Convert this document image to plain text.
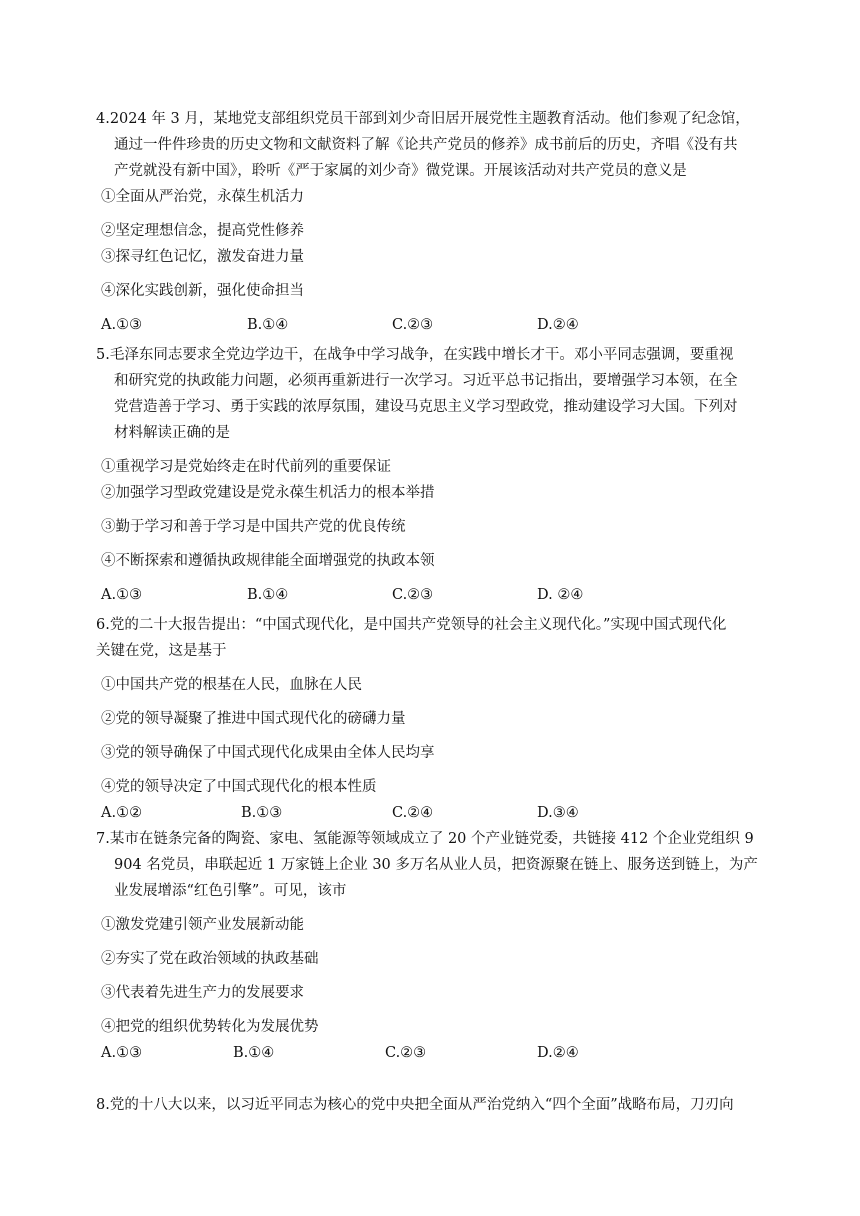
4.2024 年 3 月，某地党支部组织党员干部到刘少奇旧居开展党性主题教育活动。他们参观了纪念馆，
通过一件件珍贵的历史文物和文献资料了解《论共产党员的修养》成书前后的历史，齐唱《没有共
产党就没有新中国》，聆听《严于家属的刘少奇》微党课。开展该活动对共产党员的意义是
①全面从严治党，永葆生机活力
②坚定理想信念，提高党性修养
③探寻红色记忆，激发奋进力量
④深化实践创新，强化使命担当
A.①③	B.①④	C.②③	D.②④
5.毛泽东同志要求全党边学边干，在战争中学习战争，在实践中增长才干。邓小平同志强调，要重视
和研究党的执政能力问题，必须再重新进行一次学习。习近平总书记指出，要增强学习本领，在全
党营造善于学习、勇于实践的浓厚氛围，建设马克思主义学习型政党，推动建设学习大国。下列对
材料解读正确的是
①重视学习是党始终走在时代前列的重要保证
②加强学习型政党建设是党永葆生机活力的根本举措
③勤于学习和善于学习是中国共产党的优良传统
④不断探索和遵循执政规律能全面增强党的执政本领
A.①③	B.①④	C.②③	D. ②④
6.党的二十大报告提出：“中国式现代化，是中国共产党领导的社会主义现代化。”实现中国式现代化
关键在党，这是基于
①中国共产党的根基在人民，血脉在人民
②党的领导凝聚了推进中国式现代化的磅礴力量
③党的领导确保了中国式现代化成果由全体人民均享
④党的领导决定了中国式现代化的根本性质
A.①②	B.①③	C.②④	D.③④
7.某市在链条完备的陶瓷、家电、氢能源等领域成立了 20 个产业链党委，共链接 412 个企业党组织 9
904 名党员，串联起近 1 万家链上企业 30 多万名从业人员，把资源聚在链上、服务送到链上，为产
业发展增添“红色引擎”。可见，该市
①激发党建引领产业发展新动能
②夯实了党在政治领域的执政基础
③代表着先进生产力的发展要求
④把党的组织优势转化为发展优势
A.①③	B.①④	C.②③	D.②④
8.党的十八大以来，以习近平同志为核心的党中央把全面从严治党纳入“四个全面”战略布局，刀刃向
